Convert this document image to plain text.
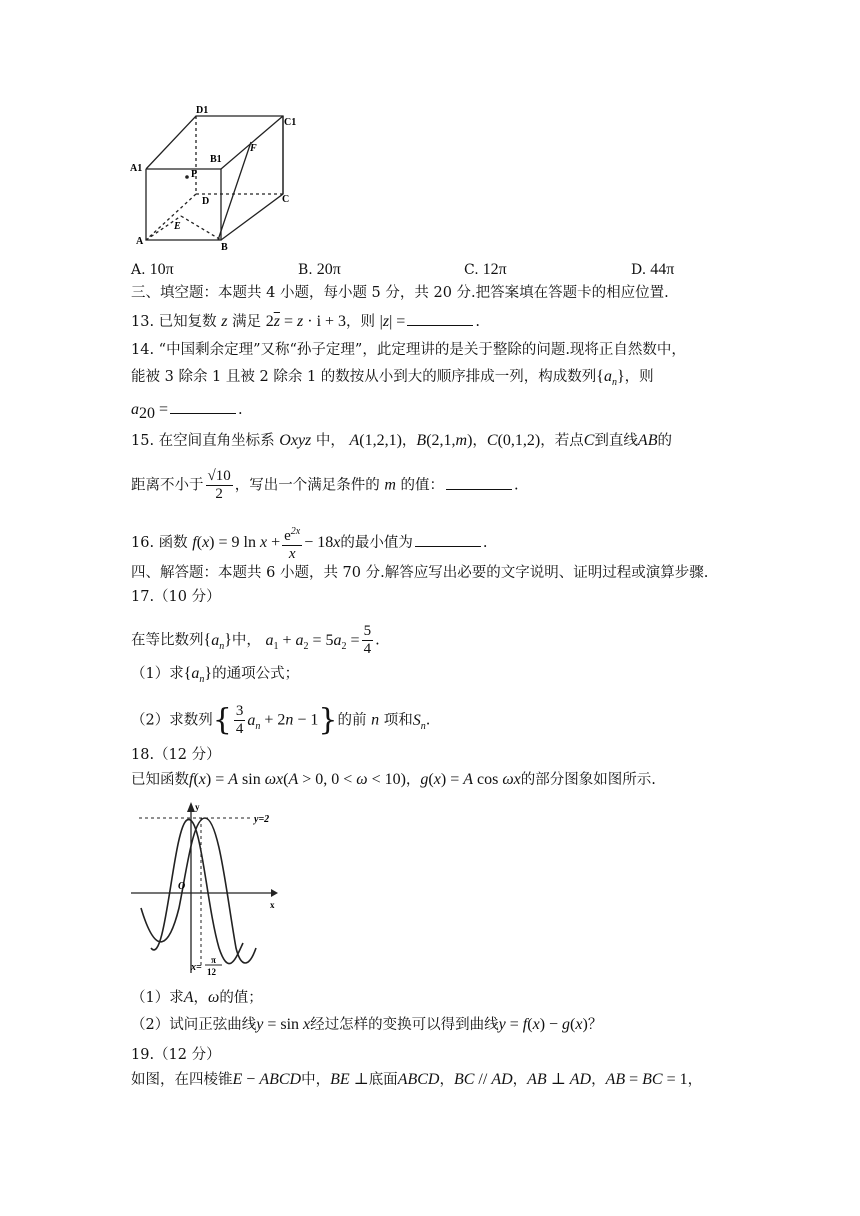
D1
C1
A1
B1
F
P
D	C
E
A
B
A. 10π	B. 20π	C. 12π	D. 44π
三、填空题：本题共 4 小题，每小题 5 分，共 20 分.把答案填在答题卡的相应位置.
13. 已知复数 z 满足 $2\overline{z} = z \cdot i + 3$，则 |z| =	.
14. “中国剩余定理”又称“孙子定理”，此定理讲的是关于整除的问题.现将正自然数中，
能被 3 除余 1 且被 2 除余 1 的数按从小到大的顺序排成一列，构成数列$\{a_n\}$，则
$a_{20}$ =	.
15. 在空间直角坐标系 Oxyz 中， A(1,2,1)，B(2,1,m)，C(0,1,2)，若点C到直线AB的
距离不小于 $\frac{√10}{2}$ ，写出一个满足条件的 m 的值：	.
16. 函数 f(x) = 9 $\ln x + \frac{e^{2x}}{x} - 18x$的最小值为	.
四、解答题：本题共 6 小题，共 70 分.解答应写出必要的文字说明、证明过程或演算步骤.
17.（10 分）
在等比数列$\{a_n\}$中， $a_1 + a_2 = 5a_2 = \frac{5}{4}$ .
（1）求$\{a_n\}$的通项公式；
（2）求数列{ $\frac{3}{4} a_n + 2n - 1$}的前 n 项和$S_n$.
18.（12 分）
已知函数f(x) = A sin ωx(A > 0, 0 < ω < 10)，g(x) = A cos ωx的部分图象如图所示.
y=2
O
y
x
x=
π
12
（1）求A，ω的值；
（2）试问正弦曲线y = sin x经过怎样的变换可以得到曲线y = f(x) − g(x)？
19.（12 分）
如图，在四棱锥E − ABCD中，BE ⊥底面ABCD，BC // AD，AB ⊥ AD，AB = BC = 1，
